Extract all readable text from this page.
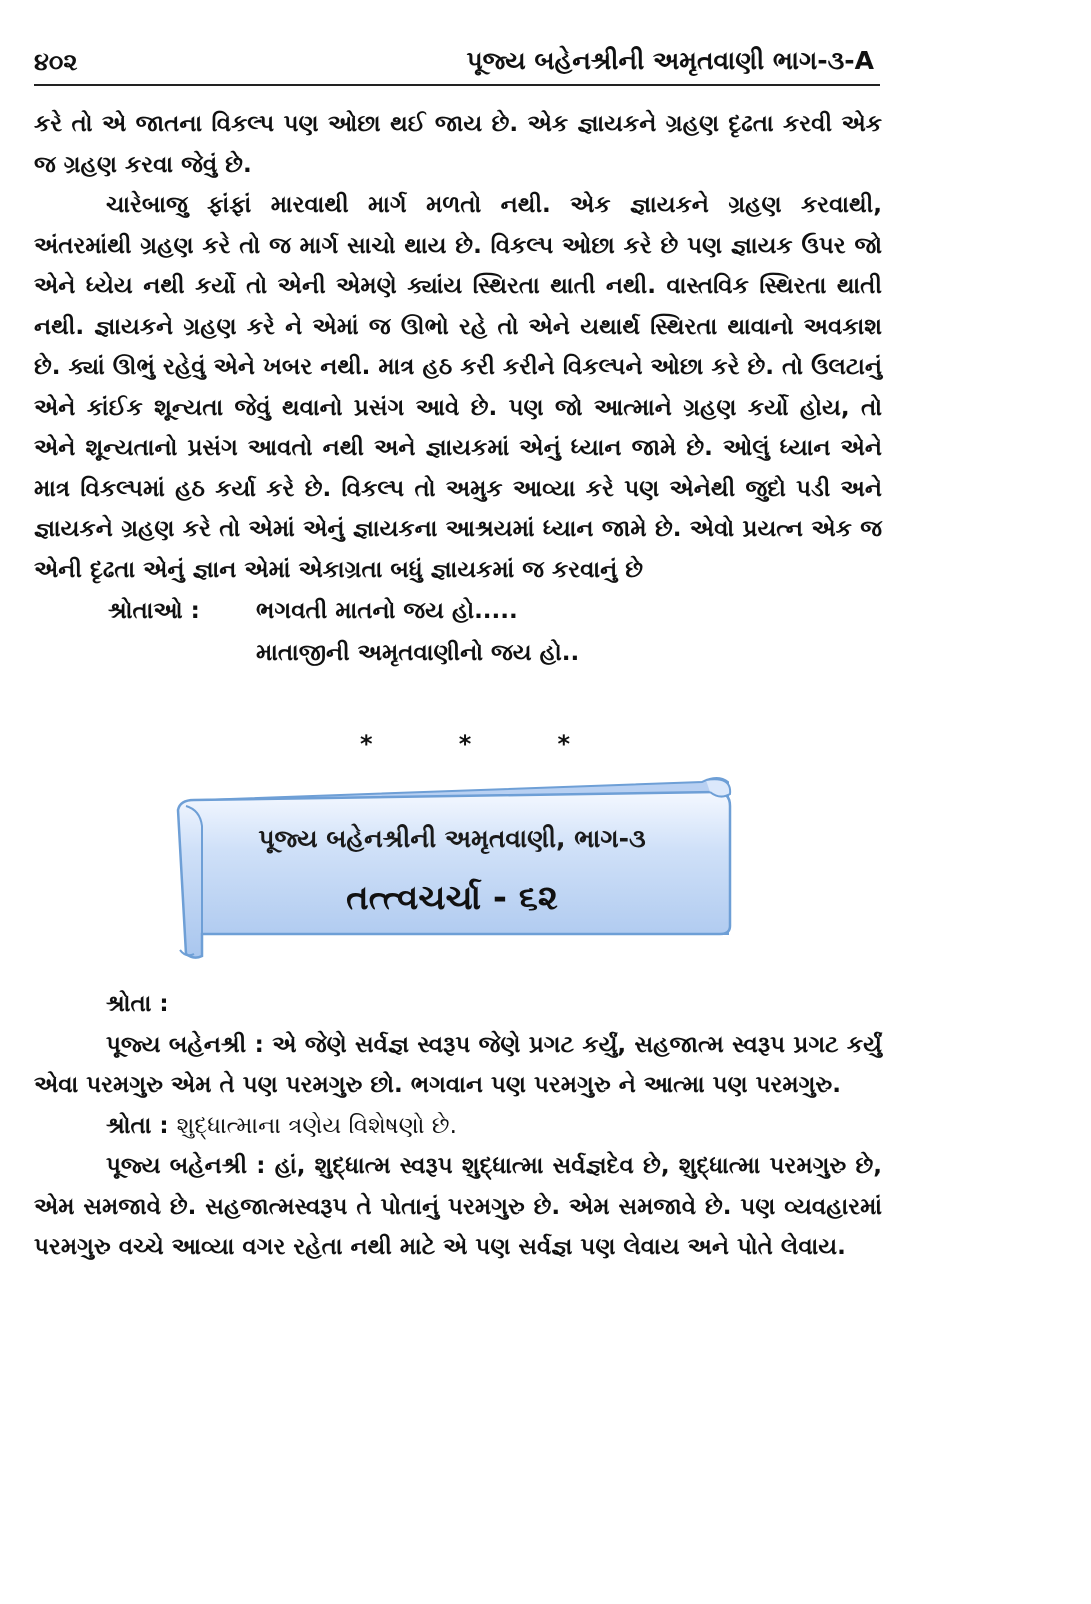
૪૦૨	પૂજ્ય બહેનશ્રીની અમૃતવાણી ભાગ-૩-A

કરે તો એ જાતના વિકલ્પ પણ ઓછા થઈ જાય છે. એક જ્ઞાયકને ગ્રહણ દૃઢતા કરવી એક જ ગ્રહણ કરવા જેવું છે.

ચારેબાજુ ફાંફાં મારવાથી માર્ગ મળતો નથી. એક જ્ઞાયકને ગ્રહણ કરવાથી, અંતરમાંથી ગ્રહણ કરે તો જ માર્ગ સાચો થાય છે. વિકલ્પ ઓછા કરે છે પણ જ્ઞાયક ઉપર જો એને ધ્યેય નથી કર્યો તો એની એમણે ક્યાંય સ્થિરતા થાતી નથી. વાસ્તવિક સ્થિરતા થાતી નથી. જ્ઞાયકને ગ્રહણ કરે ને એમાં જ ઊભો રહે તો એને યથાર્થ સ્થિરતા થાવાનો અવકાશ છે. ક્યાં ઊભું રહેવું એને ખબર નથી. માત્ર હઠ કરી કરીને વિકલ્પને ઓછા કરે છે. તો ઉલટાનું એને કાંઈક શૂન્યતા જેવું થવાનો પ્રસંગ આવે છે. પણ જો આત્માને ગ્રહણ કર્યો હોય, તો એને શૂન્યતાનો પ્રસંગ આવતો નથી અને જ્ઞાયકમાં એનું ધ્યાન જામે છે. ઓલું ધ્યાન એને માત્ર વિકલ્પમાં હઠ કર્યા કરે છે. વિકલ્પ તો અમુક આવ્યા કરે પણ એનેથી જુદો પડી અને જ્ઞાયકને ગ્રહણ કરે તો એમાં એનું જ્ઞાયકના આશ્રયમાં ધ્યાન જામે છે. એવો પ્રયત્ન એક જ એની દૃઢતા એનું જ્ઞાન એમાં એકાગ્રતા બધું જ્ઞાયકમાં જ કરવાનું છે

શ્રોતાઓ :	ભગવતી માતનો જય હો.....
માતાજીની અમૃતવાણીનો જય હો..
*	*	*
પૂજ્ય બહેનશ્રીની અમૃતવાણી, ભાગ-૩
તત્ત્વચર્ચા - ૬૨

શ્રોતા :

પૂજ્ય બહેનશ્રી : એ જેણે સર્વજ્ઞ સ્વરૂપ જેણે પ્રગટ કર્યું, સહજાત્મ સ્વરૂપ પ્રગટ કર્યું એવા પરમગુરુ એમ તે પણ પરમગુરુ છો. ભગવાન પણ પરમગુરુ ને આત્મા પણ પરમગુરુ.

શ્રોતા : શુદ્ધાત્માના ત્રણેય વિશેષણો છે.

પૂજ્ય બહેનશ્રી : હાં, શુદ્ધાત્મ સ્વરૂપ શુદ્ધાત્મા સર્વજ્ઞદેવ છે, શુદ્ધાત્મા પરમગુરુ છે, એમ સમજાવે છે. સહજાત્મસ્વરૂપ તે પોતાનું પરમગુરુ છે. એમ સમજાવે છે. પણ વ્યવહારમાં પરમગુરુ વચ્ચે આવ્યા વગર રહેતા નથી માટે એ પણ સર્વજ્ઞ પણ લેવાય અને પોતે લેવાય.
